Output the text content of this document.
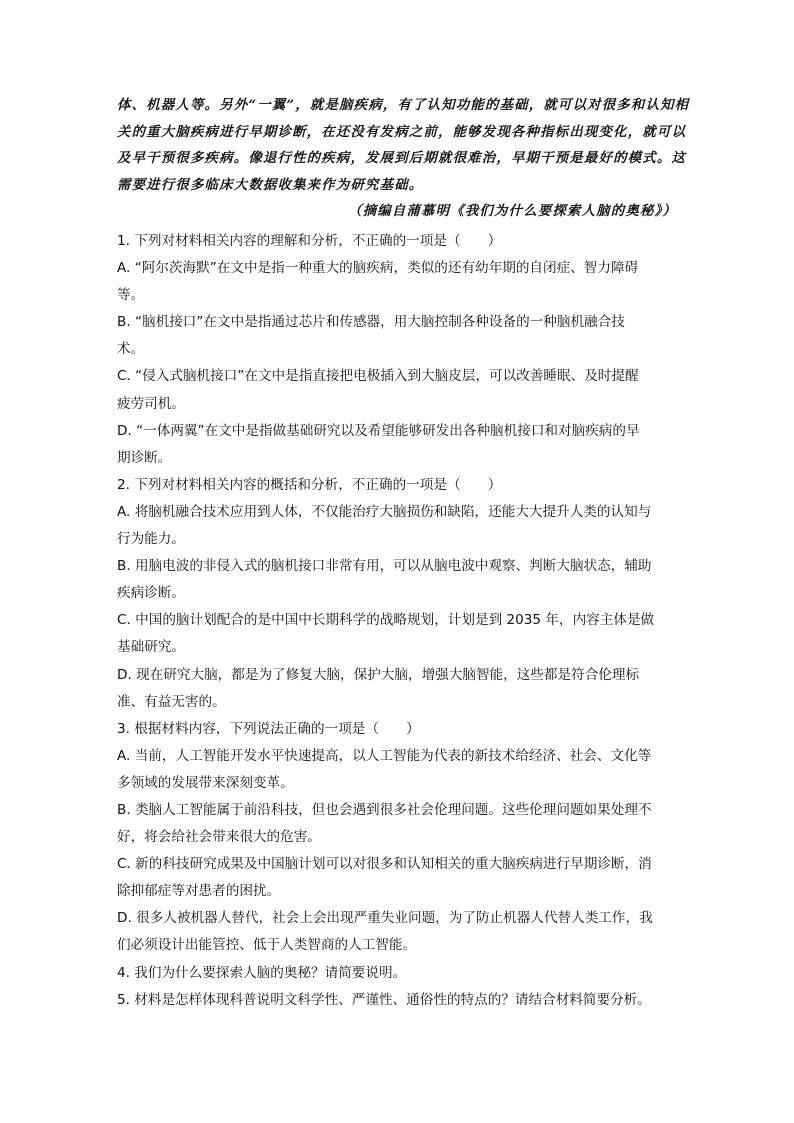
体、机器人等。另外“一翼”，就是脑疾病，有了认知功能的基础，就可以对很多和认知相
关的重大脑疾病进行早期诊断，在还没有发病之前，能够发现各种指标出现变化，就可以
及早干预很多疾病。像退行性的疾病，发展到后期就很难治，早期干预是最好的模式。这
需要进行很多临床大数据收集来作为研究基础。
（摘编自蒲慕明《我们为什么要探索人脑的奥秘》）
1. 下列对材料相关内容的理解和分析，不正确的一项是（　　）
A. “阿尔茨海默”在文中是指一种重大的脑疾病，类似的还有幼年期的自闭症、智力障碍
等。
B. “脑机接口”在文中是指通过芯片和传感器，用大脑控制各种设备的一种脑机融合技
术。
C. “侵入式脑机接口”在文中是指直接把电极插入到大脑皮层，可以改善睡眠、及时提醒
疲劳司机。
D. “一体两翼”在文中是指做基础研究以及希望能够研发出各种脑机接口和对脑疾病的早
期诊断。
2. 下列对材料相关内容的概括和分析，不正确的一项是（　　）
A. 将脑机融合技术应用到人体，不仅能治疗大脑损伤和缺陷，还能大大提升人类的认知与
行为能力。
B. 用脑电波的非侵入式的脑机接口非常有用，可以从脑电波中观察、判断大脑状态，辅助
疾病诊断。
C. 中国的脑计划配合的是中国中长期科学的战略规划，计划是到 2035 年，内容主体是做
基础研究。
D. 现在研究大脑，都是为了修复大脑，保护大脑，增强大脑智能，这些都是符合伦理标
准、有益无害的。
3. 根据材料内容，下列说法正确的一项是（　　）
A. 当前，人工智能开发水平快速提高，以人工智能为代表的新技术给经济、社会、文化等
多领域的发展带来深刻变革。
B. 类脑人工智能属于前沿科技，但也会遇到很多社会伦理问题。这些伦理问题如果处理不
好，将会给社会带来很大的危害。
C. 新的科技研究成果及中国脑计划可以对很多和认知相关的重大脑疾病进行早期诊断，消
除抑郁症等对患者的困扰。
D. 很多人被机器人替代，社会上会出现严重失业问题，为了防止机器人代替人类工作，我
们必须设计出能管控、低于人类智商的人工智能。
4. 我们为什么要探索人脑的奥秘？请简要说明。
5. 材料是怎样体现科普说明文科学性、严谨性、通俗性的特点的？请结合材料简要分析。
